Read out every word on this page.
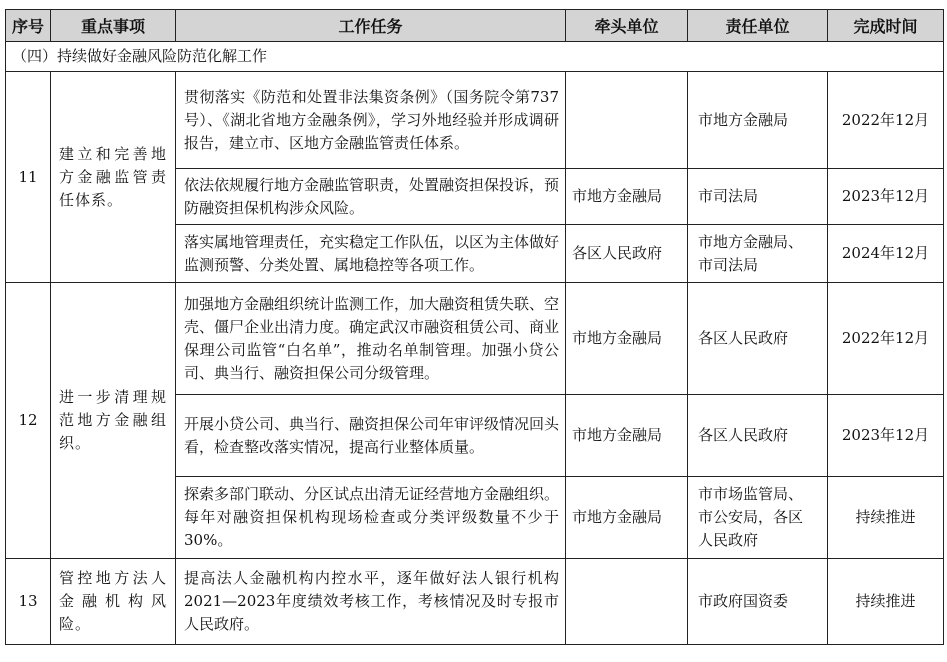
序号	重点事项	工作任务	牵头单位	责任单位	完成时间
（四）持续做好金融风险防范化解工作					
11	建立和完善地方金融监管责任体系。	贯彻落实《防范和处置非法集资条例》（国务院令第737号）、《湖北省地方金融条例》，学习外地经验并形成调研报告，建立市、区地方金融监管责任体系。		市地方金融局	2022年12月
		依法依规履行地方金融监管职责，处置融资担保投诉，预防融资担保机构涉众风险。	市地方金融局	市司法局	2023年12月
		落实属地管理责任，充实稳定工作队伍，以区为主体做好监测预警、分类处置、属地稳控等各项工作。	各区人民政府	市地方金融局、市司法局	2024年12月
12	进一步清理规范地方金融组织。	加强地方金融组织统计监测工作，加大融资租赁失联、空壳、僵尸企业出清力度。确定武汉市融资租赁公司、商业保理公司监管“白名单”，推动名单制管理。加强小贷公司、典当行、融资担保公司分级管理。	市地方金融局	各区人民政府	2022年12月
		开展小贷公司、典当行、融资担保公司年审评级情况回头看，检查整改落实情况，提高行业整体质量。	市地方金融局	各区人民政府	2023年12月
		探索多部门联动、分区试点出清无证经营地方金融组织。每年对融资担保机构现场检查或分类评级数量不少于30%。	市地方金融局	市市场监管局、市公安局，各区人民政府	持续推进
13	管控地方法人金融机构风险。	提高法人金融机构内控水平，逐年做好法人银行机构2021—2023年度绩效考核工作，考核情况及时专报市人民政府。		市政府国资委	持续推进
